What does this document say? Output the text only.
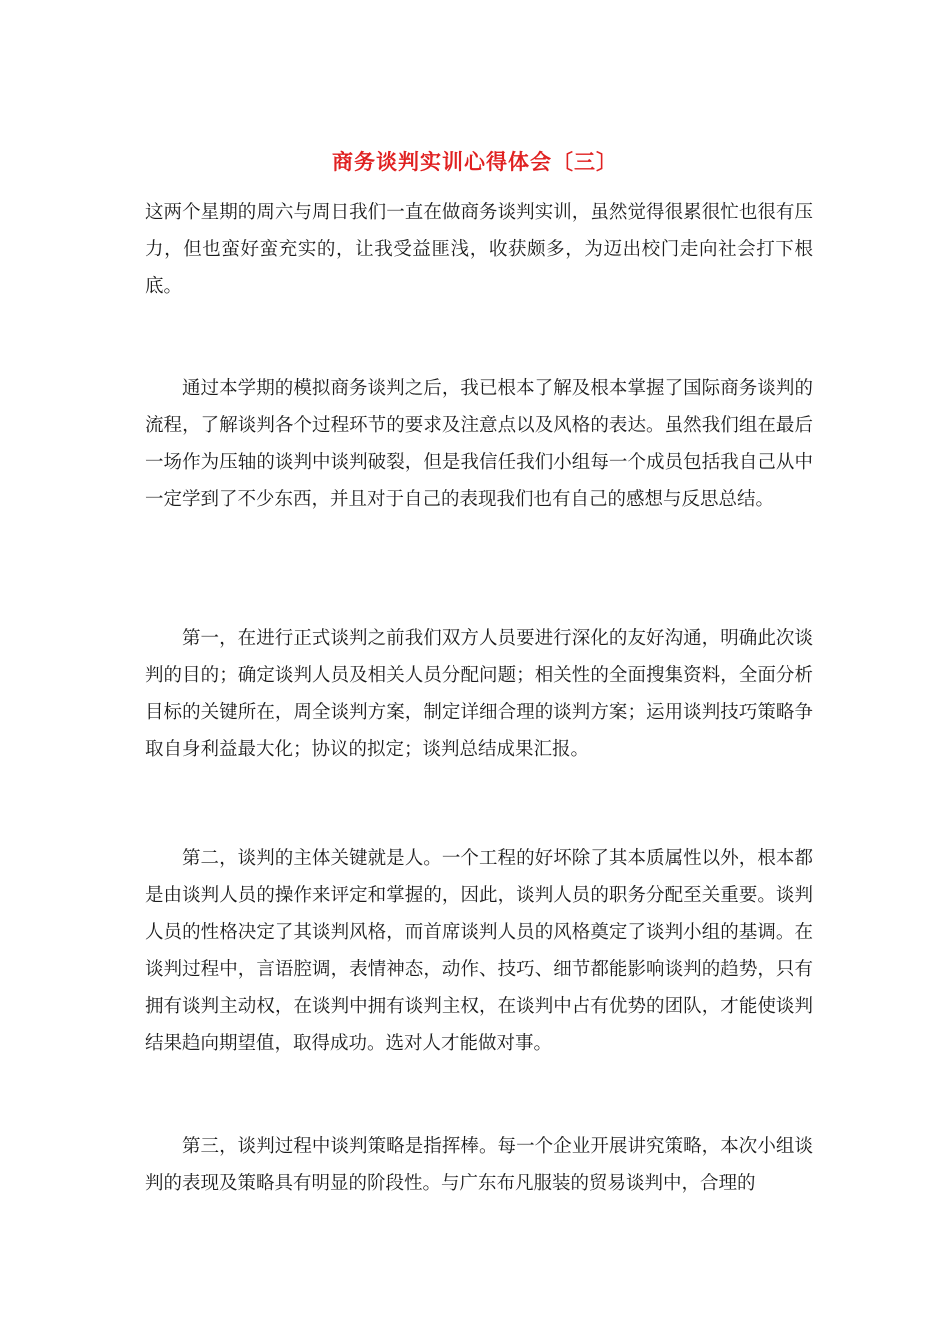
商务谈判实训心得体会〔三〕

这两个星期的周六与周日我们一直在做商务谈判实训，虽然觉得很累很忙也很有压力，但也蛮好蛮充实的，让我受益匪浅，收获颇多，为迈出校门走向社会打下根底。

通过本学期的模拟商务谈判之后，我已根本了解及根本掌握了国际商务谈判的流程，了解谈判各个过程环节的要求及注意点以及风格的表达。虽然我们组在最后一场作为压轴的谈判中谈判破裂，但是我信任我们小组每一个成员包括我自己从中一定学到了不少东西，并且对于自己的表现我们也有自己的感想与反思总结。

第一，在进行正式谈判之前我们双方人员要进行深化的友好沟通，明确此次谈判的目的；确定谈判人员及相关人员分配问题；相关性的全面搜集资料，全面分析目标的关键所在，周全谈判方案，制定详细合理的谈判方案；运用谈判技巧策略争取自身利益最大化；协议的拟定；谈判总结成果汇报。

第二，谈判的主体关键就是人。一个工程的好坏除了其本质属性以外，根本都是由谈判人员的操作来评定和掌握的，因此，谈判人员的职务分配至关重要。谈判人员的性格决定了其谈判风格，而首席谈判人员的风格奠定了谈判小组的基调。在谈判过程中，言语腔调，表情神态，动作、技巧、细节都能影响谈判的趋势，只有拥有谈判主动权，在谈判中拥有谈判主权，在谈判中占有优势的团队，才能使谈判结果趋向期望值，取得成功。选对人才能做对事。

第三，谈判过程中谈判策略是指挥棒。每一个企业开展讲究策略，本次小组谈判的表现及策略具有明显的阶段性。与广东布凡服装的贸易谈判中，合理的
